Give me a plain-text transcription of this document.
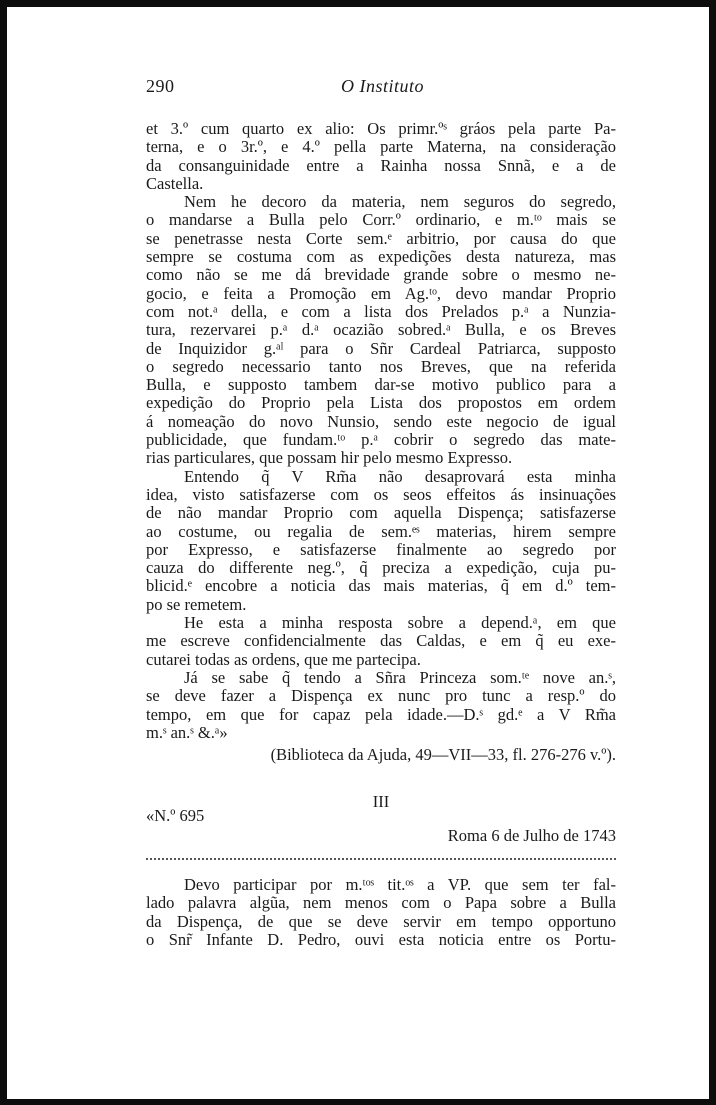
290	O Instituto
et 3.º cum quarto ex alio: Os primr.ºˢ gráos pela parte Pa-
terna, e o 3r.º, e 4.º pella parte Materna, na consideração
da consanguinidade entre a Rainha nossa Snnã, e a de
Castella.
Nem he decoro da materia, nem seguros do segredo,
o mandarse a Bulla pelo Corr.º ordinario, e m.ᵗᵒ mais se
se penetrasse nesta Corte sem.ᵉ arbitrio, por causa do que
sempre se costuma com as expedições desta natureza, mas
como não se me dá brevidade grande sobre o mesmo ne-
gocio, e feita a Promoção em Ag.ᵗᵒ, devo mandar Proprio
com not.ᵃ della, e com a lista dos Prelados p.ᵃ a Nunzia-
tura, rezervarei p.ᵃ d.ᵃ ocazião sobred.ᵃ Bulla, e os Breves
de Inquizidor g.ᵃˡ para o Sñr Cardeal Patriarca, supposto
o segredo necessario tanto nos Breves, que na referida
Bulla, e supposto tambem dar-se motivo publico para a
expedição do Proprio pela Lista dos propostos em ordem
á nomeação do novo Nunsio, sendo este negocio de igual
publicidade, que fundam.ᵗᵒ p.ᵃ cobrir o segredo das mate-
rias particulares, que possam hir pelo mesmo Expresso.
Entendo q̃ V Rm̃a não desaprovará esta minha
idea, visto satisfazerse com os seos effeitos ás insinuações
de não mandar Proprio com aquella Dispença; satisfazerse
ao costume, ou regalia de sem.ᵉˢ materias, hirem sempre
por Expresso, e satisfazerse finalmente ao segredo por
cauza do differente neg.º, q̃ preciza a expedição, cuja pu-
blicid.ᵉ encobre a noticia das mais materias, q̃ em d.º tem-
po se remetem.
He esta a minha resposta sobre a depend.ᵃ, em que
me escreve confidencialmente das Caldas, e em q̃ eu exe-
cutarei todas as ordens, que me partecipa.
Já se sabe q̃ tendo a Sñra Princeza som.ᵗᵉ nove an.ˢ,
se deve fazer a Dispença ex nunc pro tunc a resp.º do
tempo, em que for capaz pela idade.—D.ˢ gd.ᵉ a V Rm̃a
m.ˢ an.ˢ &.ᵃ»
(Biblioteca da Ajuda, 49—VII—33, fl. 276-276 v.º).
III
«N.º 695
Roma 6 de Julho de 1743
Devo participar por m.ᵗᵒˢ tit.ᵒˢ a VP. que sem ter fal-
lado palavra algũa, nem menos com o Papa sobre a Bulla
da Dispença, de que se deve servir em tempo opportuno
o Snr̃ Infante D. Pedro, ouvi esta noticia entre os Portu-
